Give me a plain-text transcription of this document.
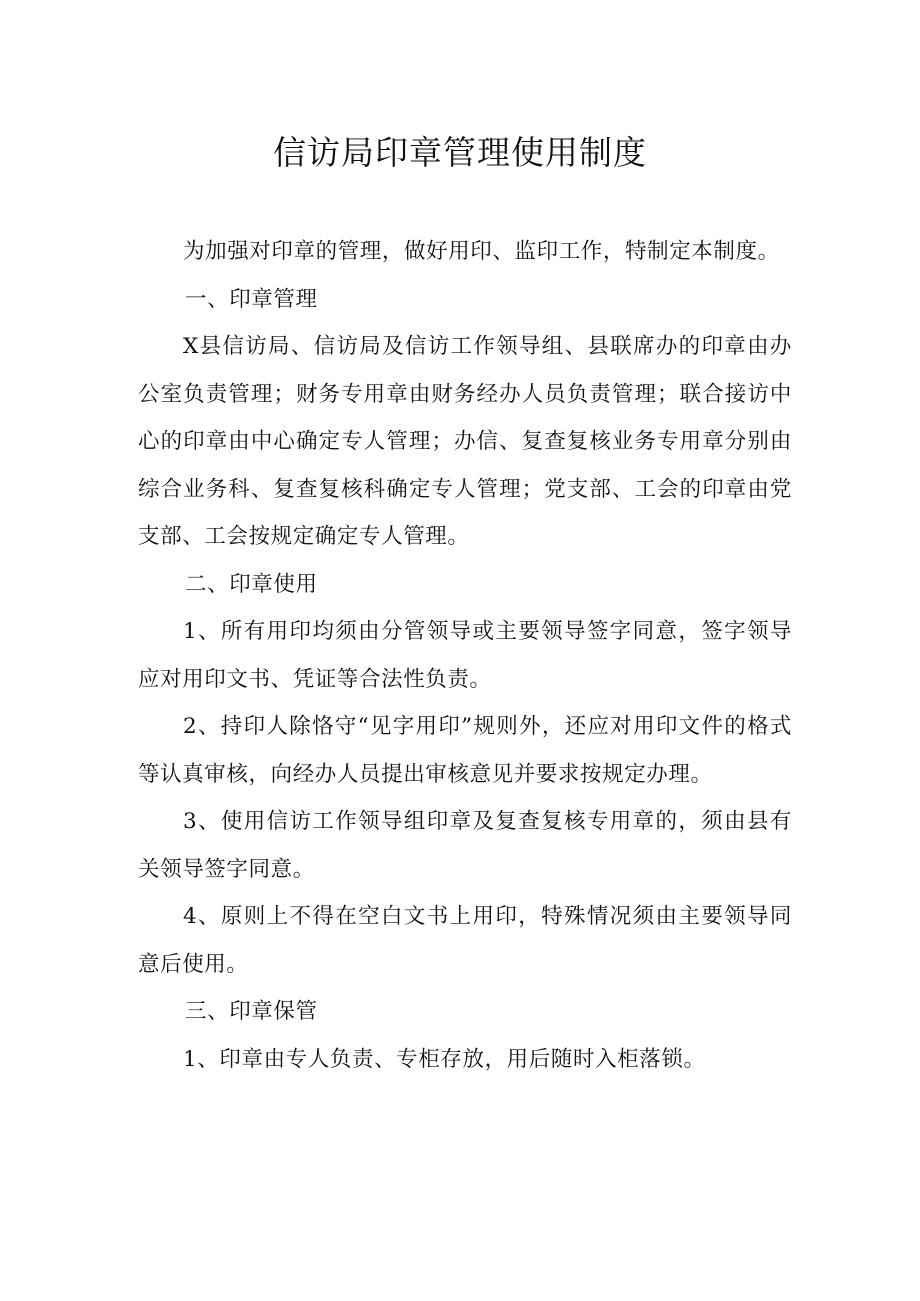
信访局印章管理使用制度

为加强对印章的管理，做好用印、监印工作，特制定本制度。

一、印章管理

X县信访局、信访局及信访工作领导组、县联席办的印章由办公室负责管理；财务专用章由财务经办人员负责管理；联合接访中心的印章由中心确定专人管理；办信、复查复核业务专用章分别由综合业务科、复查复核科确定专人管理；党支部、工会的印章由党支部、工会按规定确定专人管理。

二、印章使用

1、所有用印均须由分管领导或主要领导签字同意，签字领导应对用印文书、凭证等合法性负责。

2、持印人除恪守“见字用印”规则外，还应对用印文件的格式等认真审核，向经办人员提出审核意见并要求按规定办理。

3、使用信访工作领导组印章及复查复核专用章的，须由县有关领导签字同意。

4、原则上不得在空白文书上用印，特殊情况须由主要领导同意后使用。

三、印章保管

1、印章由专人负责、专柜存放，用后随时入柜落锁。
